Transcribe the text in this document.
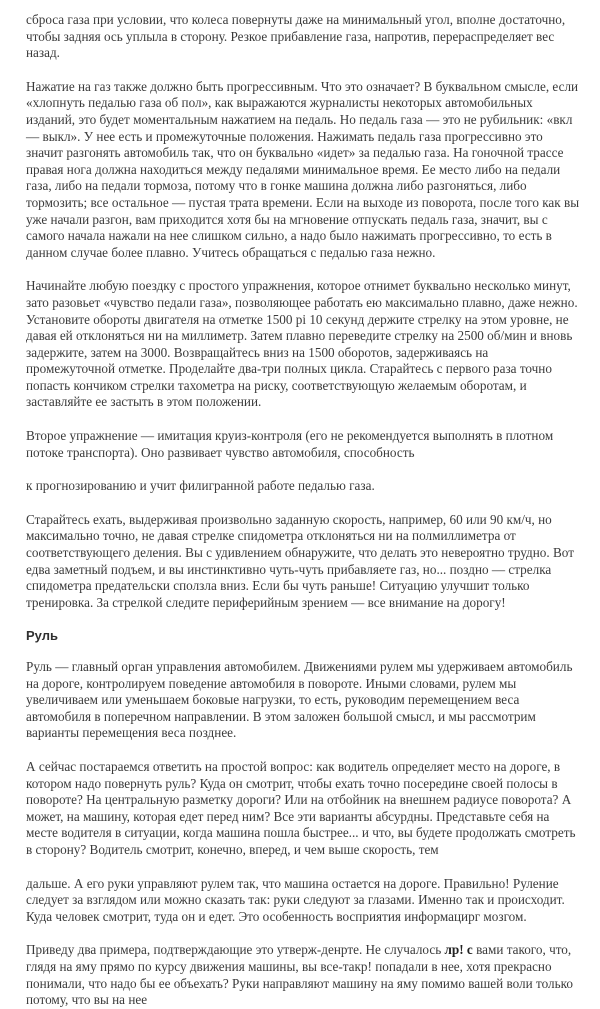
сброса газа при условии, что колеса повернуты даже на минимальный угол, вполне достаточно, чтобы задняя ось уплыла в сторону. Резкое прибавление газа, напротив, перераспределяет вес назад.

Нажатие на газ также должно быть прогрессивным. Что это означает? В буквальном смысле, если «хлопнуть педалью газа об пол», как выражаются журналисты некоторых автомобильных изданий, это будет моментальным нажатием на педаль. Но педаль газа — это не рубильник: «вкл — выкл». У нее есть и промежуточные положения. Нажимать педаль газа прогрессивно это значит разгонять автомобиль так, что он буквально «идет» за педалью газа. На гоночной трассе правая нога должна находиться между педалями минимальное время. Ее место либо на педали газа, либо на педали тормоза, потому что в гонке машина должна либо разгоняться, либо тормозить; все остальное — пустая трата времени. Если на выходе из поворота, после того как вы уже начали разгон, вам приходится хотя бы на мгновение отпускать педаль газа, значит, вы с самого начала нажали на нее слишком сильно, а надо было нажимать прогрессивно, то есть в данном случае более плавно. Учитесь обращаться с педалью газа нежно.

Начинайте любую поездку с простого упражнения, которое отнимет буквально несколько минут, зато разовьет «чувство педали газа», позволяющее работать ею максимально плавно, даже нежно. Установите обороты двигателя на отметке 1500 pi 10 секунд держите стрелку на этом уровне, не давая ей отклоняться ни на миллиметр. Затем плавно переведите стрелку на 2500 об/мин и вновь задержите, затем на 3000. Возвращайтесь вниз на 1500 оборотов, задерживаясь на промежуточной отметке. Проделайте два-три полных цикла. Старайтесь с первого раза точно попасть кончиком стрелки тахометра на риску, соответствующую желаемым оборотам, и заставляйте ее застыть в этом положении.

Второе упражнение — имитация круиз-контроля (его не рекомендуется выполнять в плотном потоке транспорта). Оно развивает чувство автомобиля, способность

к прогнозированию и учит филигранной работе педалью газа.

Старайтесь ехать, выдерживая произвольно заданную скорость, например, 60 или 90 км/ч, но максимально точно, не давая стрелке спидометра отклоняться ни на полмиллиметра от соответствующего деления. Вы с удивлением обнаружите, что делать это невероятно трудно. Вот едва заметный подъем, и вы инстинктивно чуть-чуть прибавляете газ, но... поздно — стрелка спидометра предательски сползла вниз. Если бы чуть раньше! Ситуацию улучшит только тренировка. За стрелкой следите периферийным зрением — все внимание на дорогу!

Руль

Руль — главный орган управления автомобилем. Движениями рулем мы удерживаем автомобиль на дороге, контролируем поведение автомобиля в повороте. Иными словами, рулем мы увеличиваем или уменьшаем боковые нагрузки, то есть, руководим перемещением веса автомобиля в поперечном направлении. В этом заложен большой смысл, и мы рассмотрим варианты перемещения веса позднее.

А сейчас постараемся ответить на простой вопрос: как водитель определяет место на дороге, в котором надо повернуть руль? Куда он смотрит, чтобы ехать точно посередине своей полосы в повороте? На центральную разметку дороги? Или на отбойник на внешнем радиусе поворота? А может, на машину, которая едет перед ним? Все эти варианты абсурдны. Представьте себя на месте водителя в ситуации, когда машина пошла быстрее... и что, вы будете продолжать смотреть в сторону? Водитель смотрит, конечно, вперед, и чем выше скорость, тем

дальше. А его руки управляют рулем так, что машина остается на дороге. Правильно! Руление следует за взглядом или можно сказать так: руки следуют за глазами. Именно так и происходит. Куда человек смотрит, туда он и едет. Это особенность восприятия информацирг мозгом.

Приведу два примера, подтверждающие это утверж-денрте. Не случалось лр! с вами такого, что, глядя на яму прямо по курсу движения машины, вы все-такр! попадали в нее, хотя прекрасно понимали, что надо бы ее объехать? Руки направляют машину на яму помимо вашей воли только потому, что вы на нее
